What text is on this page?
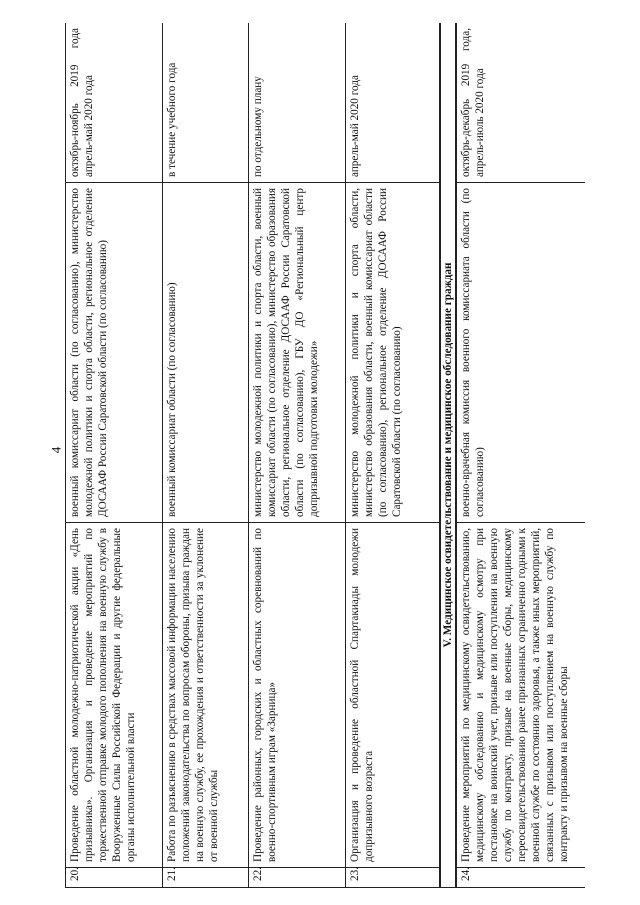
4
20.	Проведение областной молодежно-патриотической акции «День призывника». Организация и проведение мероприятий по торжественной отправке молодого пополнения на военную службу в Вооруженные Силы Российской Федерации и другие федеральные органы исполнительной власти	военный комиссариат области (по согласованию), министерство молодежной политики и спорта области, региональное отделение ДОСААФ России Саратовской области (по согласованию)	октябрь-ноябрь 2019 года апрель-май 2020 года
21.	Работа по разъяснению в средствах массовой информации населению положений законодательства по вопросам обороны, призыва граждан на военную службу, ее прохождения и ответственности за уклонение от военной службы	военный комиссариат области (по согласованию)	в течение учебного года
22.	Проведение районных, городских и областных соревнований по военно-спортивным играм «Зарница»	министерство молодежной политики и спорта области, военный комиссариат области (по согласованию), министерство образования области, региональное отделение ДОСААФ России Саратовской области (по согласованию), ГБУ ДО «Региональный центр допризывной подготовки молодежи»	по отдельному плану
23.	Организация и проведение областной Спартакиады молодежи допризывного возраста	министерство молодежной политики и спорта области, министерство образования области, военный комиссариат области (по согласованию), региональное отделение ДОСААФ России Саратовской области (по согласованию)	апрель-май 2020 года
V. Медицинское освидетельствование и медицинское обследование граждан			
24.	Проведение мероприятий по медицинскому освидетельствованию, медицинскому обследованию и медицинскому осмотру при постановке на воинский учет, призыве или поступлении на военную службу по контракту, призыве на военные сборы, медицинскому переосвидетельствованию ранее признанных ограниченно годными к военной службе по состоянию здоровья, а также иных мероприятий, связанных с призывом или поступлением на военную службу по контракту и призывом на военные сборы	военно-врачебная комиссия военного комиссариата области (по согласованию)	октябрь-декабрь 2019 года, апрель-июль 2020 года
